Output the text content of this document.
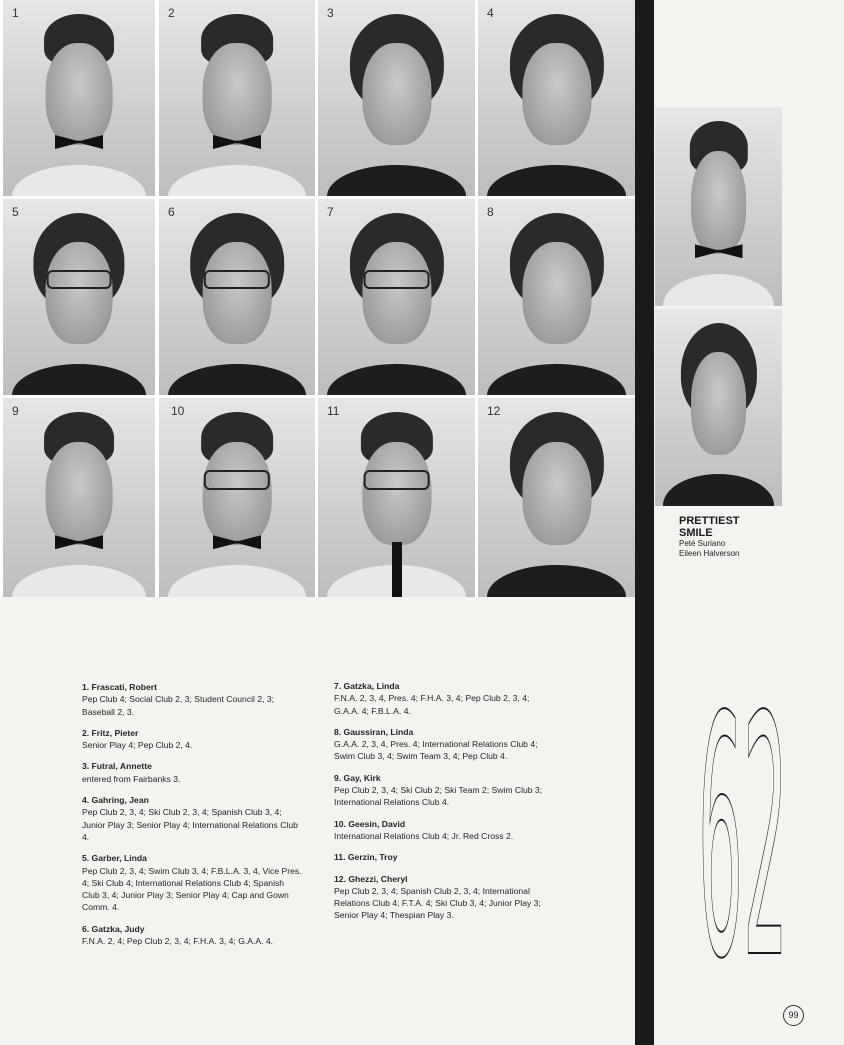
1	2	3	4
5	6	7	8
9	10	11	12

PRETTIEST

SMILE

Peté Suriano

Eileen Halverson

1. Frascati, Robert
Pep Club 4; Social Club 2, 3; Student Council 2, 3; Baseball 2, 3.
2. Fritz, Pieter
Senior Play 4; Pep Club 2, 4.
3. Futral, Annette
entered from Fairbanks 3.
4. Gahring, Jean
Pep Club 2, 3, 4; Ski Club 2, 3, 4; Spanish Club 3, 4; Junior Play 3; Senior Play 4; International Relations Club 4.
5. Garber, Linda
Pep Club 2, 3, 4; Swim Club 3, 4; F.B.L.A. 3, 4, Vice Pres. 4; Ski Club 4; International Relations Club 4; Spanish Club 3, 4; Junior Play 3; Senior Play 4; Cap and Gown Comm. 4.
6. Gatzka, Judy
F.N.A. 2, 4; Pep Club 2, 3, 4; F.H.A. 3, 4; G.A.A. 4.
7. Gatzka, Linda
F.N.A. 2, 3, 4, Pres. 4; F.H.A. 3, 4; Pep Club 2, 3, 4; G.A.A. 4; F.B.L.A. 4.
8. Gaussiran, Linda
G.A.A. 2, 3, 4, Pres. 4; International Relations Club 4; Swim Club 3, 4; Swim Team 3, 4; Pep Club 4.
9. Gay, Kirk
Pep Club 2, 3, 4; Ski Club 2; Ski Team 2; Swim Club 3; International Relations Club 4.
10. Geesin, David
International Relations Club 4; Jr. Red Cross 2.
11. Gerzin, Troy
12. Ghezzi, Cheryl
Pep Club 2, 3, 4; Spanish Club 2, 3, 4; International Relations Club 4; F.T.A. 4; Ski Club 3, 4; Junior Play 3; Senior Play 4; Thespian Play 3. 62 99
